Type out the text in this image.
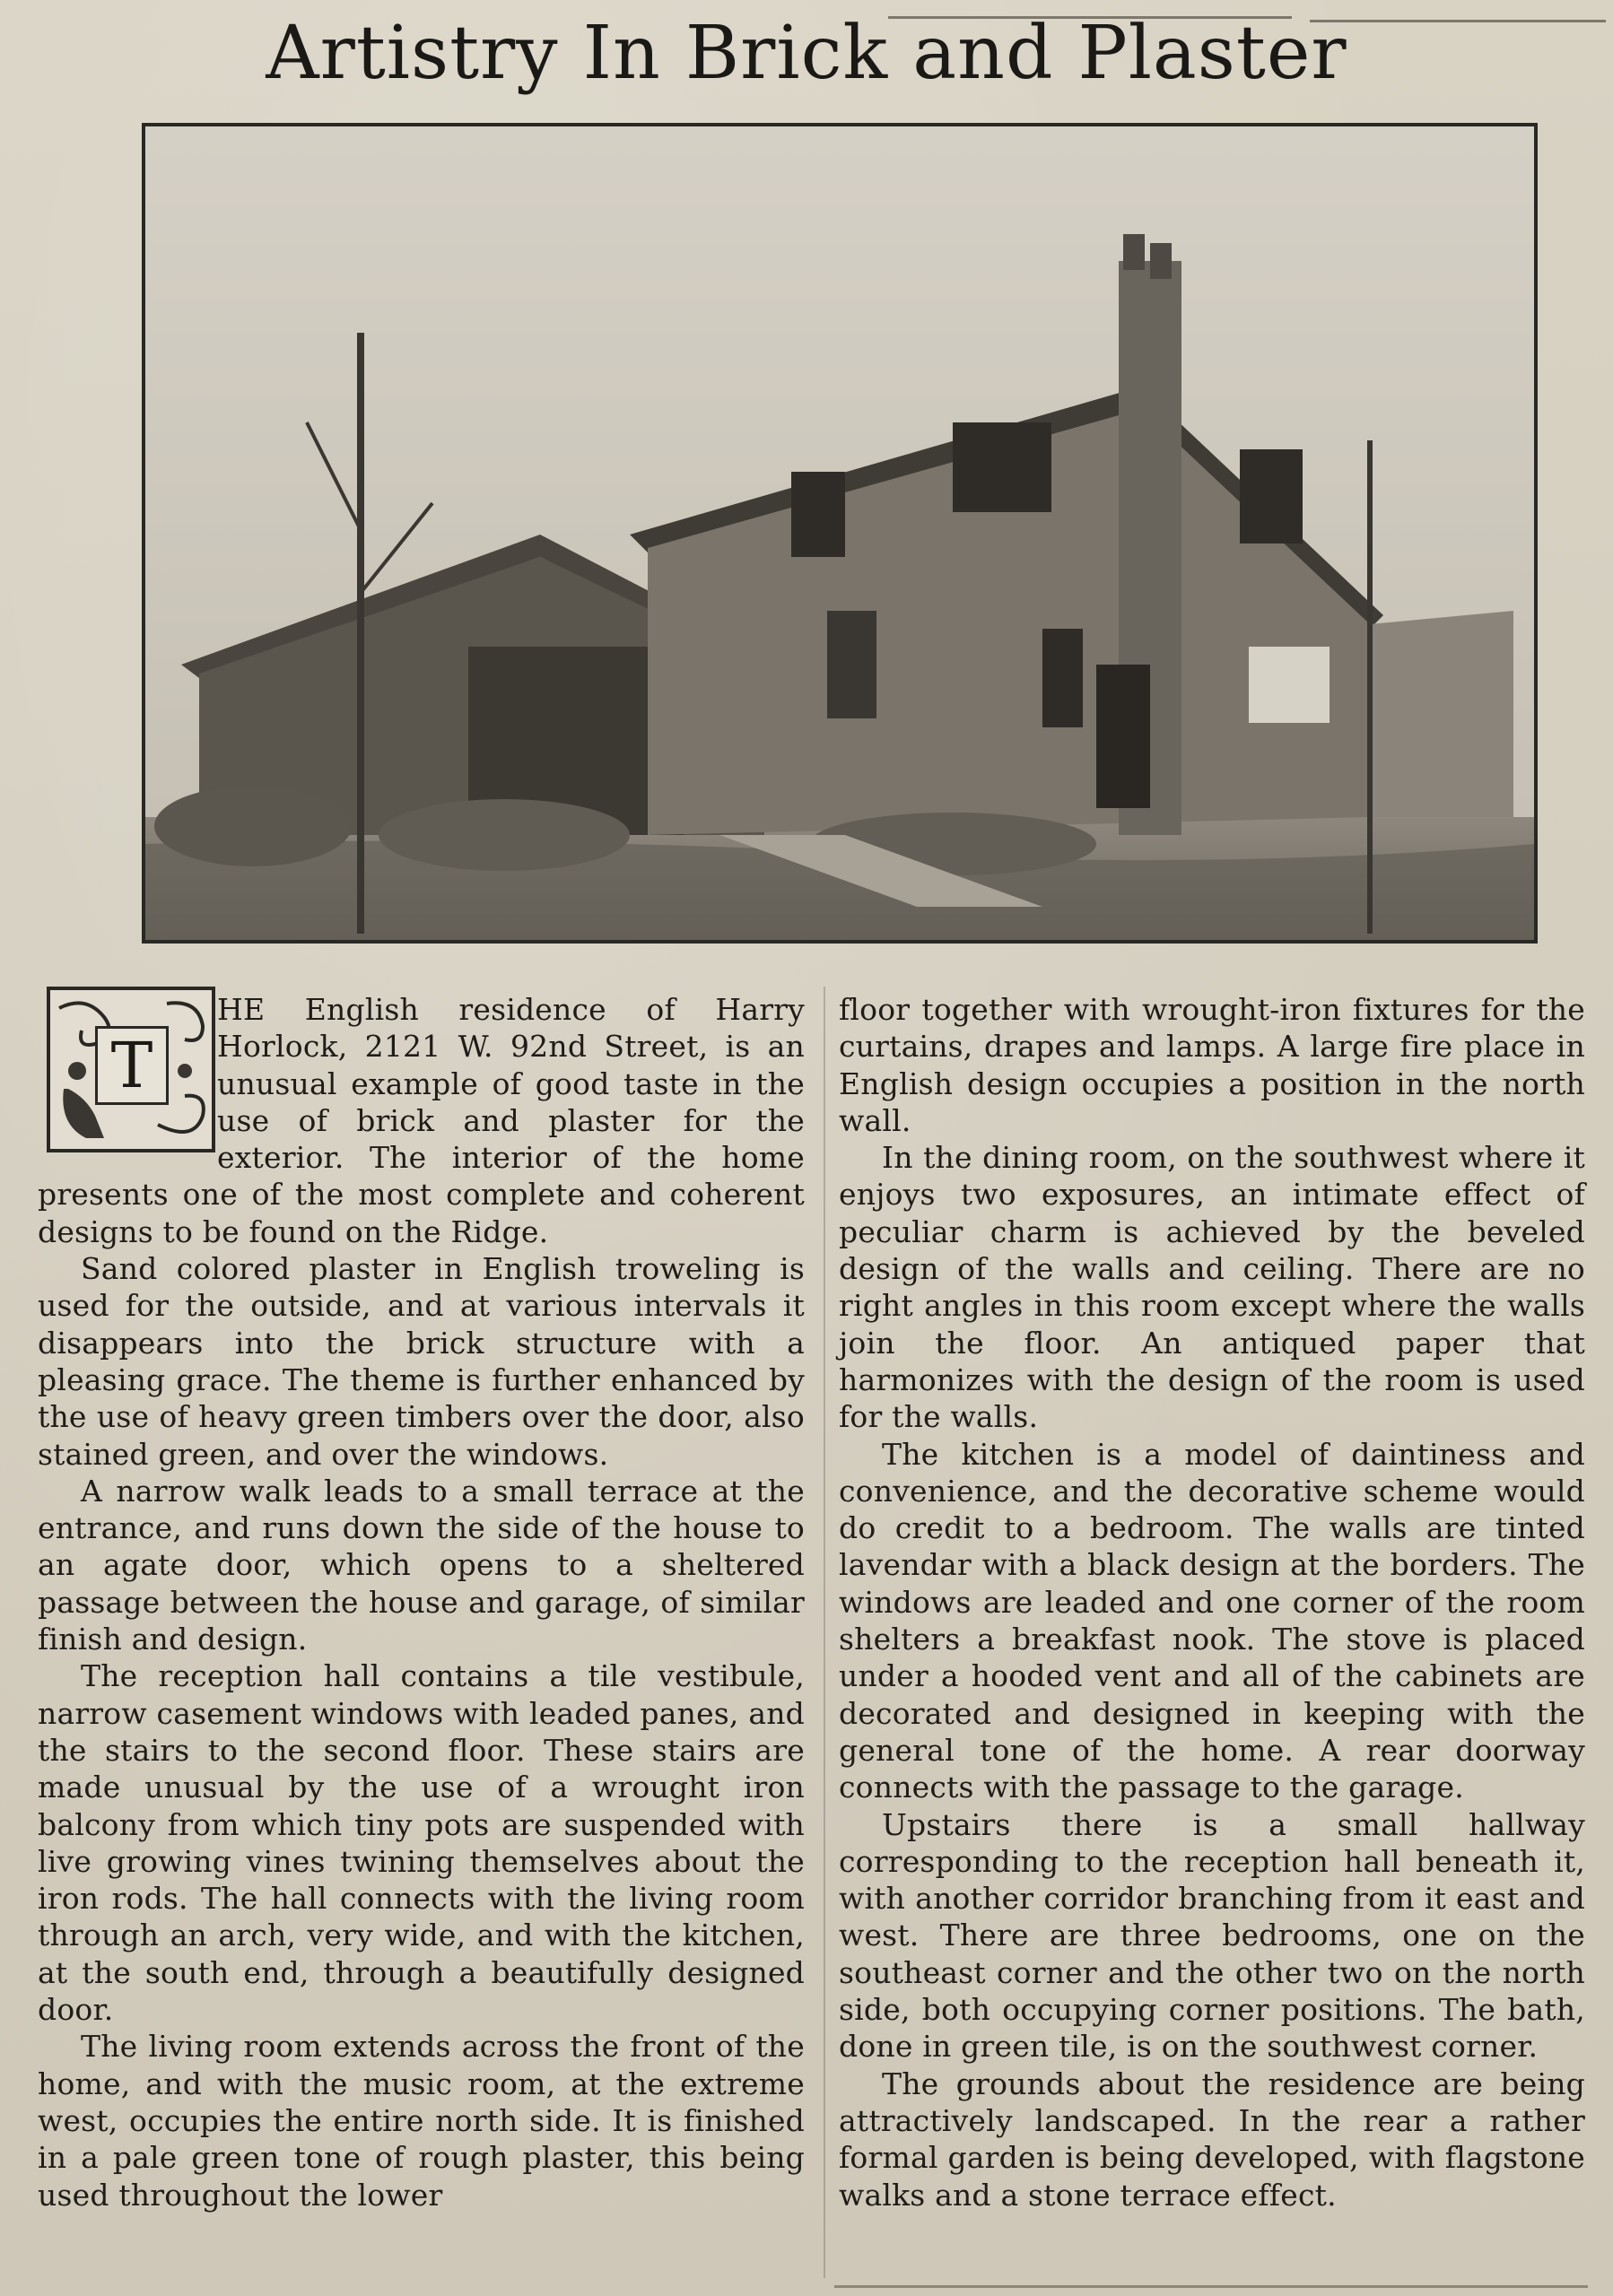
Artistry In Brick and Plaster
T

HE English residence of Harry Horlock, 2121 W. 92nd Street, is an unusual example of good taste in the use of brick and plaster for the exterior. The interior of the home presents one of the most complete and coherent designs to be found on the Ridge.

Sand colored plaster in English troweling is used for the outside, and at various intervals it disappears into the brick structure with a pleasing grace. The theme is further enhanced by the use of heavy green timbers over the door, also stained green, and over the windows.

A narrow walk leads to a small terrace at the entrance, and runs down the side of the house to an agate door, which opens to a sheltered passage between the house and garage, of similar finish and design.

The reception hall contains a tile vestibule, narrow casement windows with leaded panes, and the stairs to the second floor. These stairs are made unusual by the use of a wrought iron balcony from which tiny pots are suspended with live growing vines twining themselves about the iron rods. The hall connects with the living room through an arch, very wide, and with the kitchen, at the south end, through a beautifully designed door.

The living room extends across the front of the home, and with the music room, at the extreme west, occupies the entire north side. It is finished in a pale green tone of rough plaster, this being used throughout the lower

floor together with wrought-iron fixtures for the curtains, drapes and lamps. A large fire place in English design occupies a position in the north wall.

In the dining room, on the southwest where it enjoys two exposures, an intimate effect of peculiar charm is achieved by the beveled design of the walls and ceiling. There are no right angles in this room except where the walls join the floor. An antiqued paper that harmonizes with the design of the room is used for the walls.

The kitchen is a model of daintiness and convenience, and the decorative scheme would do credit to a bedroom. The walls are tinted lavendar with a black design at the borders. The windows are leaded and one corner of the room shelters a breakfast nook. The stove is placed under a hooded vent and all of the cabinets are decorated and designed in keeping with the general tone of the home. A rear doorway connects with the passage to the garage.

Upstairs there is a small hallway corresponding to the reception hall beneath it, with another corridor branching from it east and west. There are three bedrooms, one on the southeast corner and the other two on the north side, both occupying corner positions. The bath, done in green tile, is on the southwest corner.

The grounds about the residence are being attractively landscaped. In the rear a rather formal garden is being developed, with flagstone walks and a stone terrace effect.
